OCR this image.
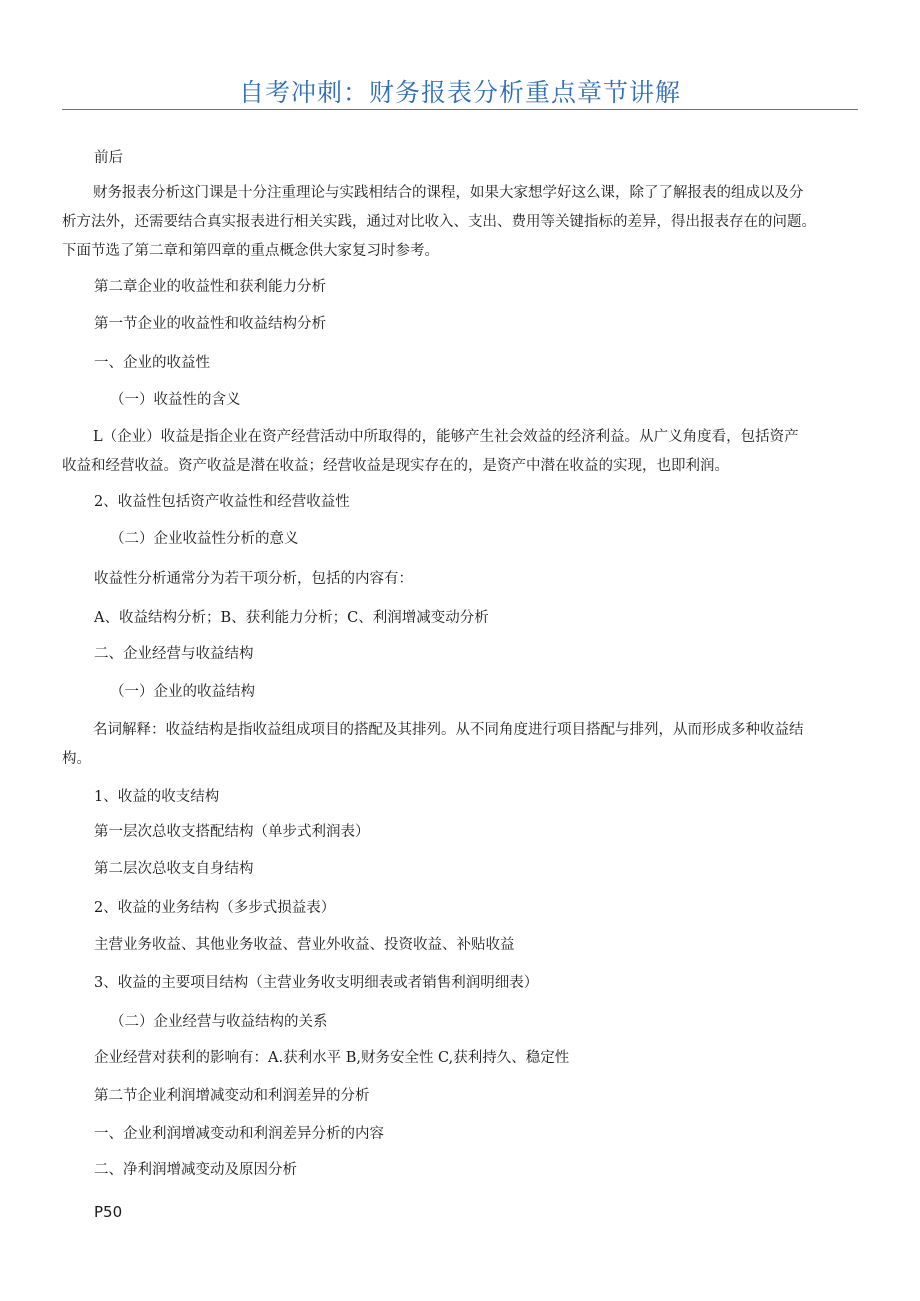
自考冲刺：财务报表分析重点章节讲解
前后
财务报表分析这门课是十分注重理论与实践相结合的课程，如果大家想学好这么课，除了了解报表的组成以及分
析方法外，还需要结合真实报表进行相关实践，通过对比收入、支出、费用等关键指标的差异，得出报表存在的问题。
下面节选了第二章和第四章的重点概念供大家复习时参考。
第二章企业的收益性和获利能力分析
第一节企业的收益性和收益结构分析
一、企业的收益性
（一）收益性的含义
L（企业）收益是指企业在资产经营活动中所取得的，能够产生社会效益的经济利益。从广义角度看，包括资产
收益和经营收益。资产收益是潜在收益；经营收益是现实存在的，是资产中潜在收益的实现，也即利润。
2、收益性包括资产收益性和经营收益性
（二）企业收益性分析的意义
收益性分析通常分为若干项分析，包括的内容有：
A、收益结构分析；B、获利能力分析；C、利润增减变动分析
二、企业经营与收益结构
（一）企业的收益结构
名词解释：收益结构是指收益组成项目的搭配及其排列。从不同角度进行项目搭配与排列，从而形成多种收益结
构。
1、收益的收支结构
第一层次总收支搭配结构（单步式利润表）
第二层次总收支自身结构
2、收益的业务结构（多步式损益表）
主营业务收益、其他业务收益、营业外收益、投资收益、补贴收益
3、收益的主要项目结构（主营业务收支明细表或者销售利润明细表）
（二）企业经营与收益结构的关系
企业经营对获利的影响有：A.获利水平 B,财务安全性 C,获利持久、稳定性
第二节企业利润增减变动和利润差异的分析
一、企业利润增减变动和利润差异分析的内容
二、净利润增减变动及原因分析
P50
